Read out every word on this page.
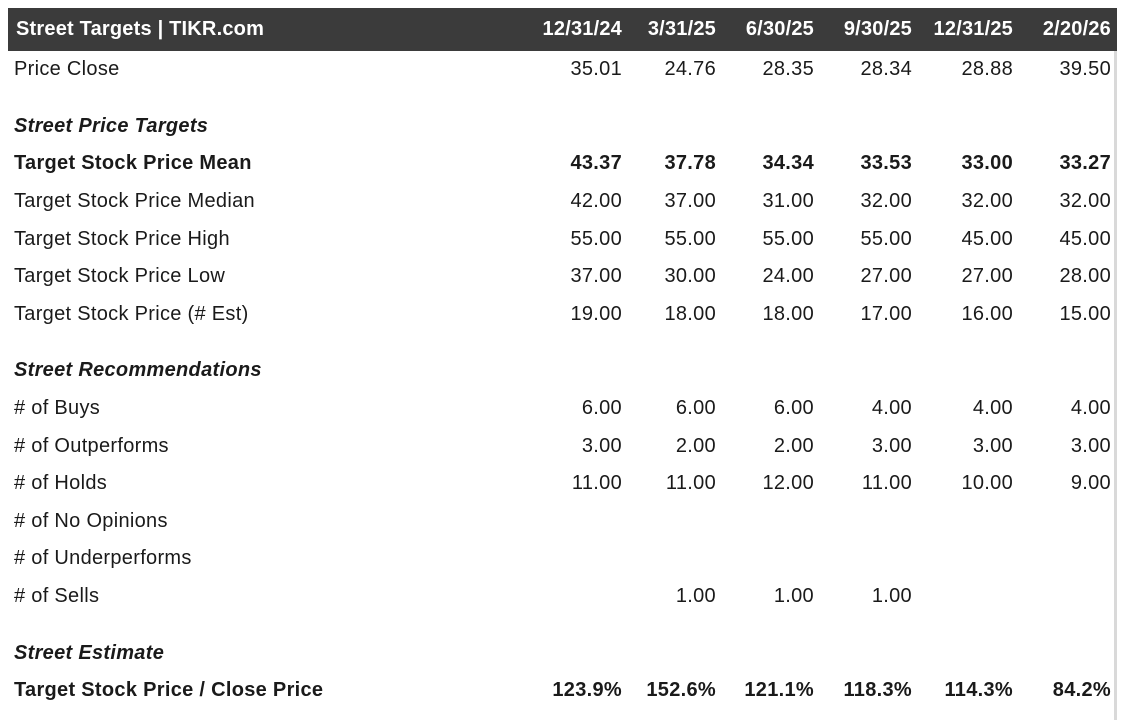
Street Targets | TIKR.com	12/31/24	3/31/25	6/30/25	9/30/25	12/31/25	2/20/26
Price Close	35.01	24.76	28.35	28.34	28.88	39.50

Street Price Targets						
Target Stock Price Mean	43.37	37.78	34.34	33.53	33.00	33.27
Target Stock Price Median	42.00	37.00	31.00	32.00	32.00	32.00
Target Stock Price High	55.00	55.00	55.00	55.00	45.00	45.00
Target Stock Price Low	37.00	30.00	24.00	27.00	27.00	28.00
Target Stock Price (# Est)	19.00	18.00	18.00	17.00	16.00	15.00

Street Recommendations						
# of Buys	6.00	6.00	6.00	4.00	4.00	4.00
# of Outperforms	3.00	2.00	2.00	3.00	3.00	3.00
# of Holds	11.00	11.00	12.00	11.00	10.00	9.00
# of No Opinions						
# of Underperforms						
# of Sells		1.00	1.00	1.00		

Street Estimate						
Target Stock Price / Close Price	123.9%	152.6%	121.1%	118.3%	114.3%	84.2%
